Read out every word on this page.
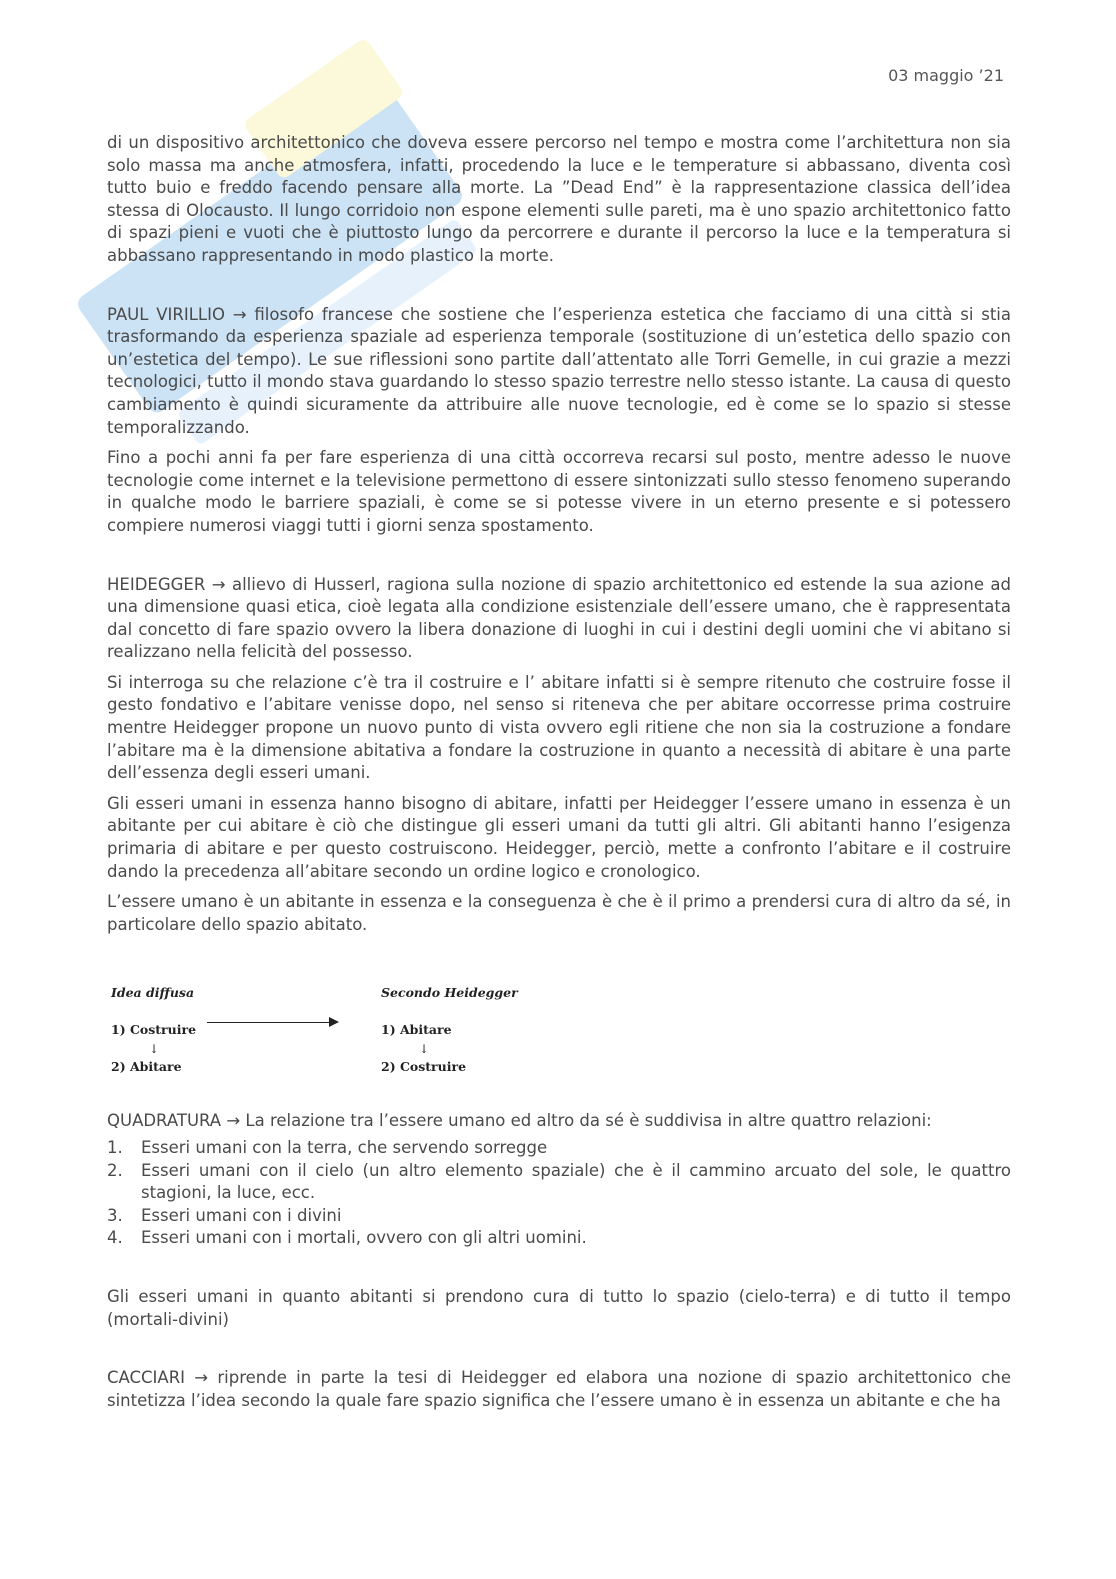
03 maggio ’21

di un dispositivo architettonico che doveva essere percorso nel tempo e mostra come l’architettura non sia solo massa ma anche atmosfera, infatti, procedendo la luce e le temperature si abbassano, diventa così tutto buio e freddo facendo pensare alla morte. La ”Dead End” è la rappresentazione classica dell’idea stessa di Olocausto. Il lungo corridoio non espone elementi sulle pareti, ma è uno spazio architettonico fatto di spazi pieni e vuoti che è piuttosto lungo da percorrere e durante il percorso la luce e la temperatura si abbassano rappresentando in modo plastico la morte.

PAUL VIRILLIO → filosofo francese che sostiene che l’esperienza estetica che facciamo di una città si stia trasformando da esperienza spaziale ad esperienza temporale (sostituzione di un’estetica dello spazio con un’estetica del tempo). Le sue riflessioni sono partite dall’attentato alle Torri Gemelle, in cui grazie a mezzi tecnologici, tutto il mondo stava guardando lo stesso spazio terrestre nello stesso istante. La causa di questo cambiamento è quindi sicuramente da attribuire alle nuove tecnologie, ed è come se lo spazio si stesse temporalizzando.

Fino a pochi anni fa per fare esperienza di una città occorreva recarsi sul posto, mentre adesso le nuove tecnologie come internet e la televisione permettono di essere sintonizzati sullo stesso fenomeno superando in qualche modo le barriere spaziali, è come se si potesse vivere in un eterno presente e si potessero compiere numerosi viaggi tutti i giorni senza spostamento.

HEIDEGGER → allievo di Husserl, ragiona sulla nozione di spazio architettonico ed estende la sua azione ad una dimensione quasi etica, cioè legata alla condizione esistenziale dell’essere umano, che è rappresentata dal concetto di fare spazio ovvero la libera donazione di luoghi in cui i destini degli uomini che vi abitano si realizzano nella felicità del possesso.

Si interroga su che relazione c’è tra il costruire e l’ abitare infatti si è sempre ritenuto che costruire fosse il gesto fondativo e l’abitare venisse dopo, nel senso si riteneva che per abitare occorresse prima costruire mentre Heidegger propone un nuovo punto di vista ovvero egli ritiene che non sia la costruzione a fondare l’abitare ma è la dimensione abitativa a fondare la costruzione in quanto a necessità di abitare è una parte dell’essenza degli esseri umani.

Gli esseri umani in essenza hanno bisogno di abitare, infatti per Heidegger l’essere umano in essenza è un abitante per cui abitare è ciò che distingue gli esseri umani da tutti gli altri. Gli abitanti hanno l’esigenza primaria di abitare e per questo costruiscono. Heidegger, perciò, mette a confronto l’abitare e il costruire dando la precedenza all’abitare secondo un ordine logico e cronologico.

L’essere umano è un abitante in essenza e la conseguenza è che è il primo a prendersi cura di altro da sé, in particolare dello spazio abitato.

Idea diffusa
1) Costruire
↓
2) Abitare
Secondo Heidegger
1) Abitare
↓
2) Costruire

QUADRATURA → La relazione tra l’essere umano ed altro da sé è suddivisa in altre quattro relazioni:

1. Esseri umani con la terra, che servendo sorregge
2. Esseri umani con il cielo (un altro elemento spaziale) che è il cammino arcuato del sole, le quattro stagioni, la luce, ecc.
3. Esseri umani con i divini
4. Esseri umani con i mortali, ovvero con gli altri uomini.

Gli esseri umani in quanto abitanti si prendono cura di tutto lo spazio (cielo-terra) e di tutto il tempo (mortali-divini)

CACCIARI → riprende in parte la tesi di Heidegger ed elabora una nozione di spazio architettonico che sintetizza l’idea secondo la quale fare spazio significa che l’essere umano è in essenza un abitante e che ha
